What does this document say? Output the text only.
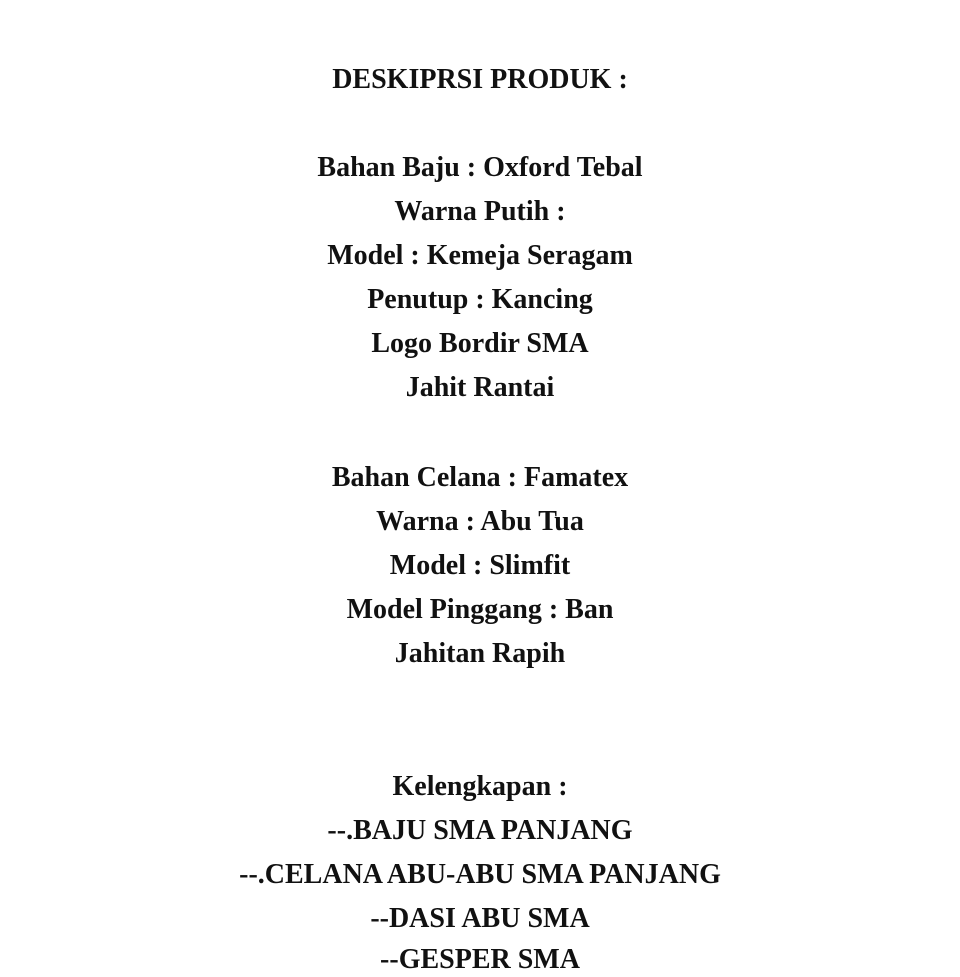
DESKIPRSI PRODUK :
Bahan Baju : Oxford Tebal
Warna Putih :
Model : Kemeja Seragam
Penutup : Kancing
Logo Bordir SMA
Jahit Rantai
Bahan Celana : Famatex
Warna : Abu Tua
Model : Slimfit
Model Pinggang : Ban
Jahitan Rapih
Kelengkapan :
--.BAJU SMA PANJANG
--.CELANA ABU-ABU SMA PANJANG
--DASI ABU SMA
--GESPER SMA
